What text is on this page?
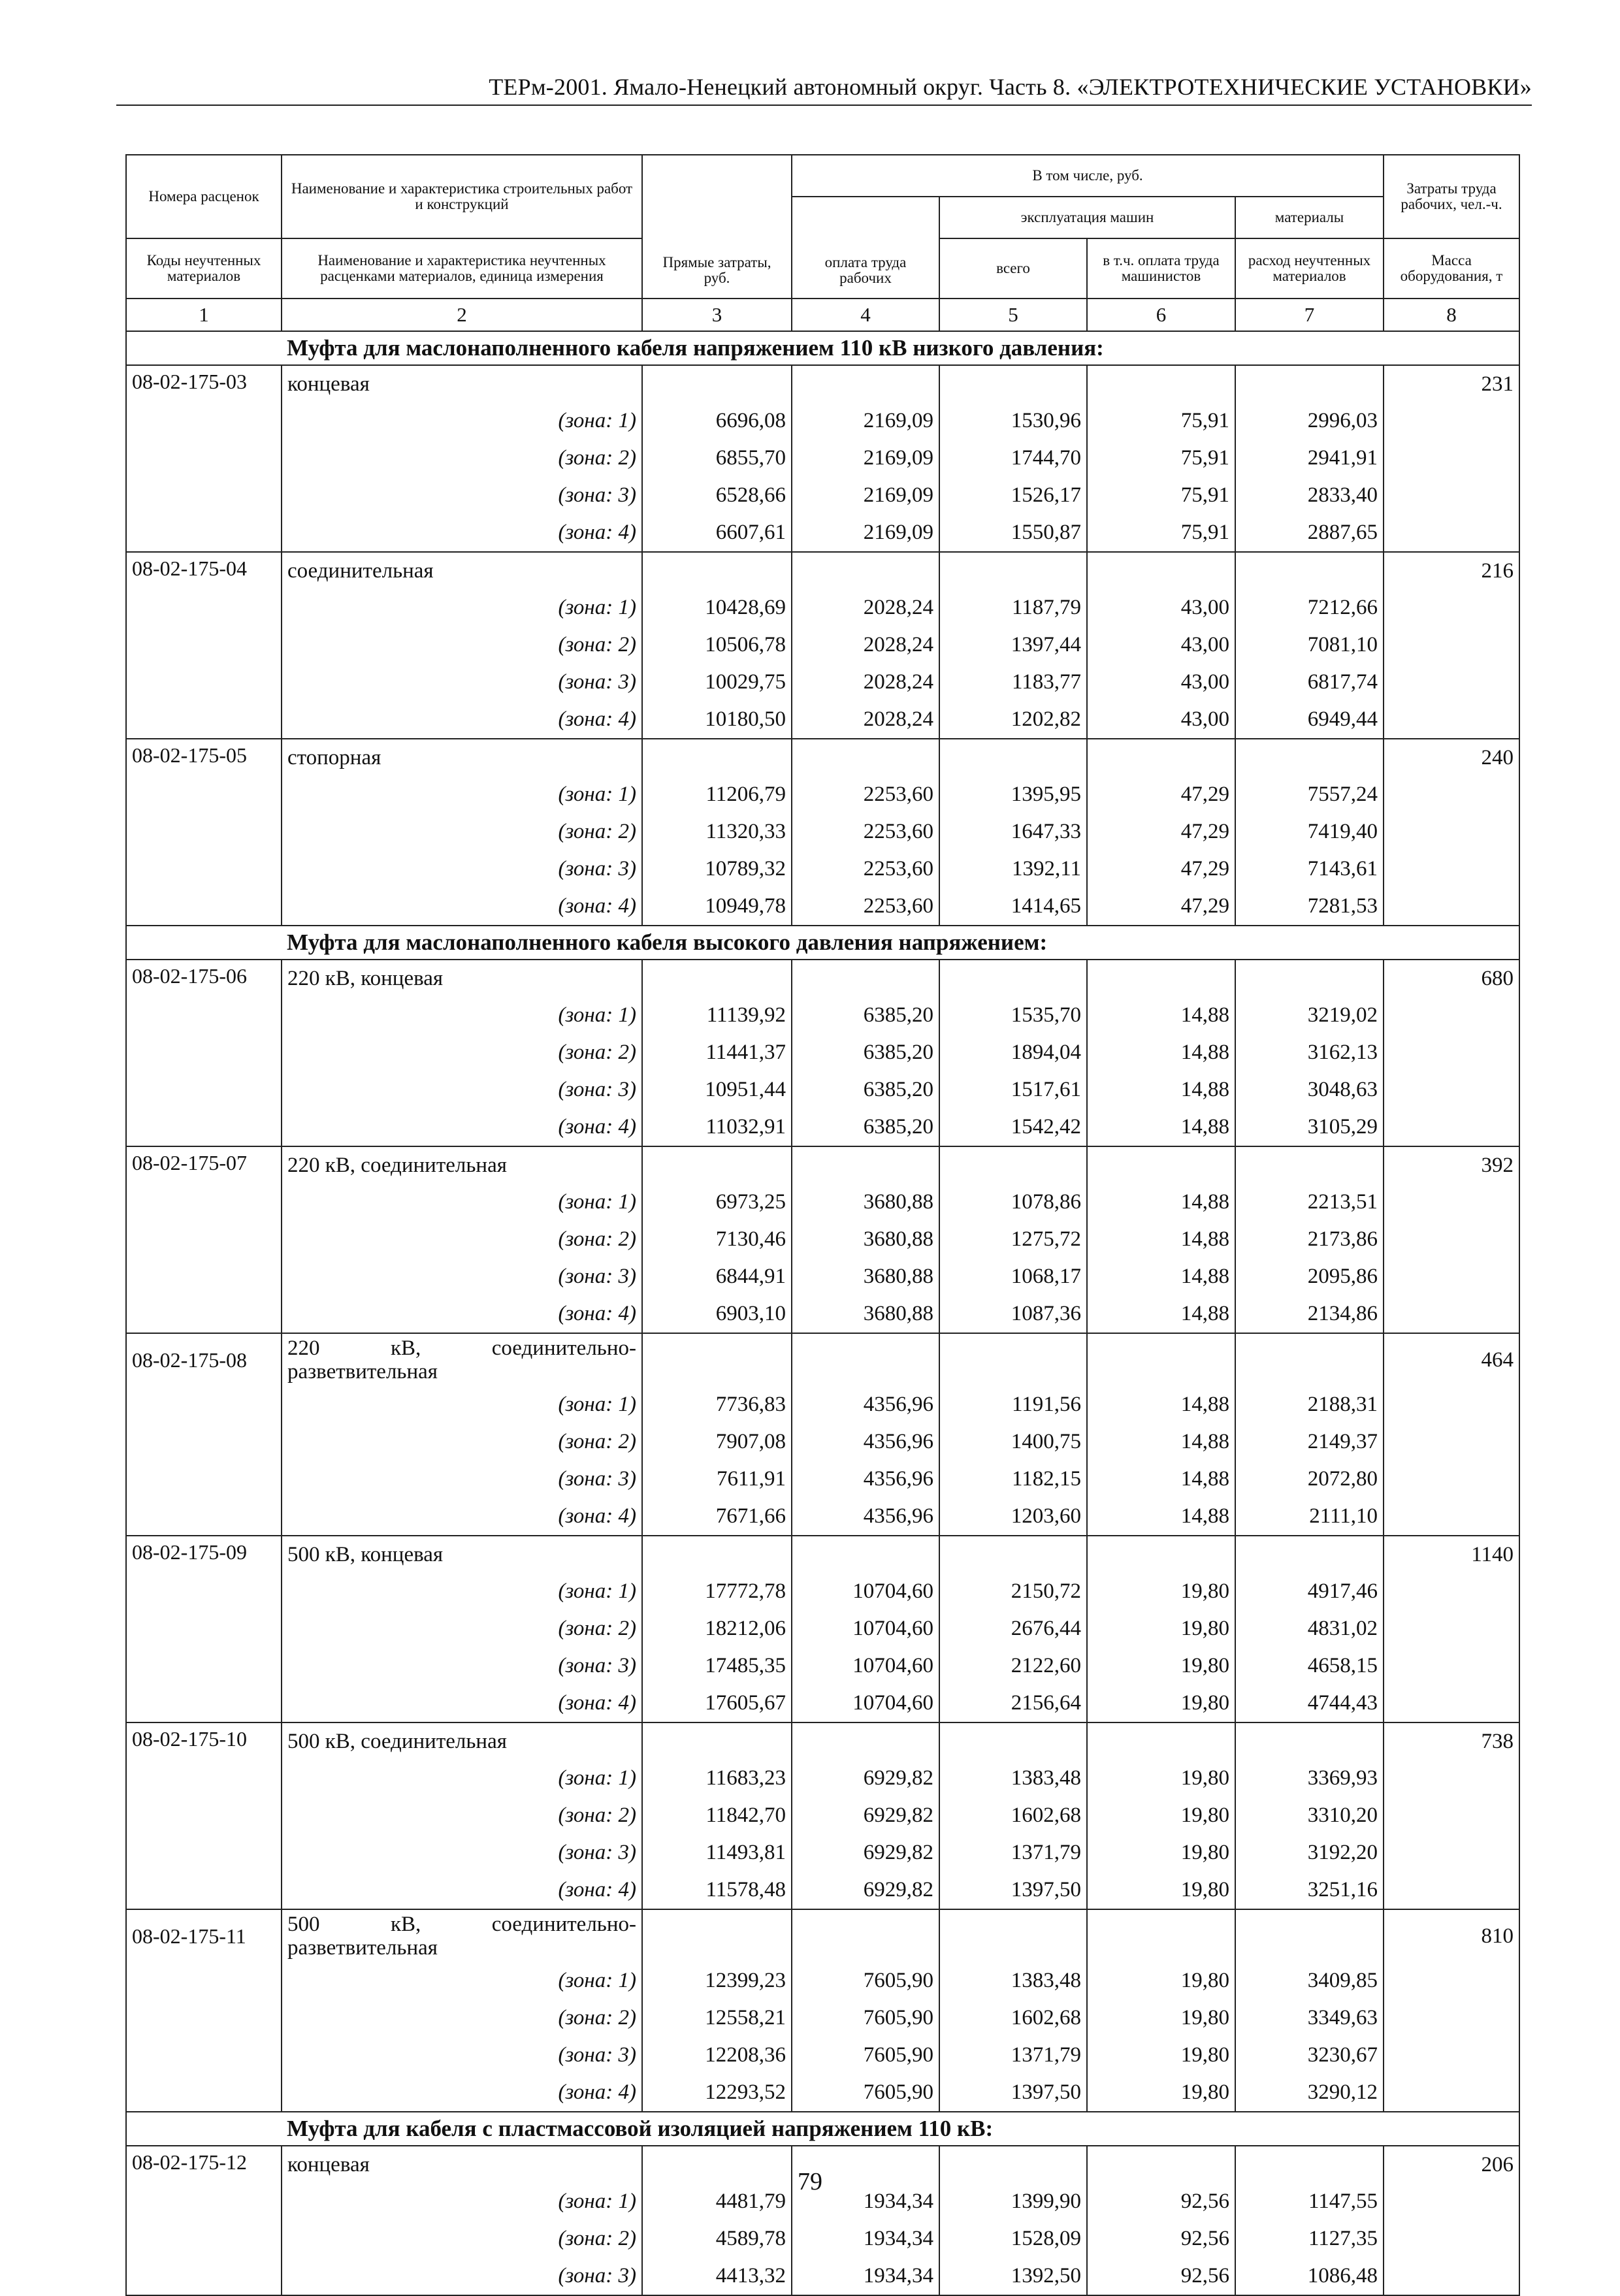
ТЕРм-2001. Ямало-Ненецкий автономный округ. Часть 8. «ЭЛЕКТРОТЕХНИЧЕСКИЕ УСТАНОВКИ»
Номера расценок	Наименование и характеристика строительных работ и конструкций	Прямые затраты, руб.	В том числе, руб.				Затраты труда рабочих, чел.-ч.
			оплата труда рабочих	эксплуатация машин		материалы	
Коды неучтенных материалов	Наименование и характеристика неучтенных расценками материалов, единица измерения			всего	в т.ч. оплата труда машинистов	расход неучтенных материалов	Масса оборудования, т
1	2	3	4	5	6	7	8
Муфта для маслонаполненного кабеля напряжением 110 кВ низкого давления:							
08-02-175-03	концевая						231
	(зона: 1)	6696,08	2169,09	1530,96	75,91	2996,03	
	(зона: 2)	6855,70	2169,09	1744,70	75,91	2941,91	
	(зона: 3)	6528,66	2169,09	1526,17	75,91	2833,40	
	(зона: 4)	6607,61	2169,09	1550,87	75,91	2887,65	
08-02-175-04	соединительная						216
	(зона: 1)	10428,69	2028,24	1187,79	43,00	7212,66	
	(зона: 2)	10506,78	2028,24	1397,44	43,00	7081,10	
	(зона: 3)	10029,75	2028,24	1183,77	43,00	6817,74	
	(зона: 4)	10180,50	2028,24	1202,82	43,00	6949,44	
08-02-175-05	стопорная						240
	(зона: 1)	11206,79	2253,60	1395,95	47,29	7557,24	
	(зона: 2)	11320,33	2253,60	1647,33	47,29	7419,40	
	(зона: 3)	10789,32	2253,60	1392,11	47,29	7143,61	
	(зона: 4)	10949,78	2253,60	1414,65	47,29	7281,53	
Муфта для маслонаполненного кабеля высокого давления напряжением:							
08-02-175-06	220 кВ, концевая						680
	(зона: 1)	11139,92	6385,20	1535,70	14,88	3219,02	
	(зона: 2)	11441,37	6385,20	1894,04	14,88	3162,13	
	(зона: 3)	10951,44	6385,20	1517,61	14,88	3048,63	
	(зона: 4)	11032,91	6385,20	1542,42	14,88	3105,29	
08-02-175-07	220 кВ, соединительная						392
	(зона: 1)	6973,25	3680,88	1078,86	14,88	2213,51	
	(зона: 2)	7130,46	3680,88	1275,72	14,88	2173,86	
	(зона: 3)	6844,91	3680,88	1068,17	14,88	2095,86	
	(зона: 4)	6903,10	3680,88	1087,36	14,88	2134,86	
08-02-175-08	220 кВ, соединительно-разветвительная						464
	(зона: 1)	7736,83	4356,96	1191,56	14,88	2188,31	
	(зона: 2)	7907,08	4356,96	1400,75	14,88	2149,37	
	(зона: 3)	7611,91	4356,96	1182,15	14,88	2072,80	
	(зона: 4)	7671,66	4356,96	1203,60	14,88	2111,10	
08-02-175-09	500 кВ, концевая						1140
	(зона: 1)	17772,78	10704,60	2150,72	19,80	4917,46	
	(зона: 2)	18212,06	10704,60	2676,44	19,80	4831,02	
	(зона: 3)	17485,35	10704,60	2122,60	19,80	4658,15	
	(зона: 4)	17605,67	10704,60	2156,64	19,80	4744,43	
08-02-175-10	500 кВ, соединительная						738
	(зона: 1)	11683,23	6929,82	1383,48	19,80	3369,93	
	(зона: 2)	11842,70	6929,82	1602,68	19,80	3310,20	
	(зона: 3)	11493,81	6929,82	1371,79	19,80	3192,20	
	(зона: 4)	11578,48	6929,82	1397,50	19,80	3251,16	
08-02-175-11	500 кВ, соединительно-разветвительная						810
	(зона: 1)	12399,23	7605,90	1383,48	19,80	3409,85	
	(зона: 2)	12558,21	7605,90	1602,68	19,80	3349,63	
	(зона: 3)	12208,36	7605,90	1371,79	19,80	3230,67	
	(зона: 4)	12293,52	7605,90	1397,50	19,80	3290,12	
Муфта для кабеля с пластмассовой изоляцией напряжением 110 кВ:							
08-02-175-12	концевая						206
	(зона: 1)	4481,79	1934,34	1399,90	92,56	1147,55	
	(зона: 2)	4589,78	1934,34	1528,09	92,56	1127,35	
	(зона: 3)	4413,32	1934,34	1392,50	92,56	1086,48	
79
